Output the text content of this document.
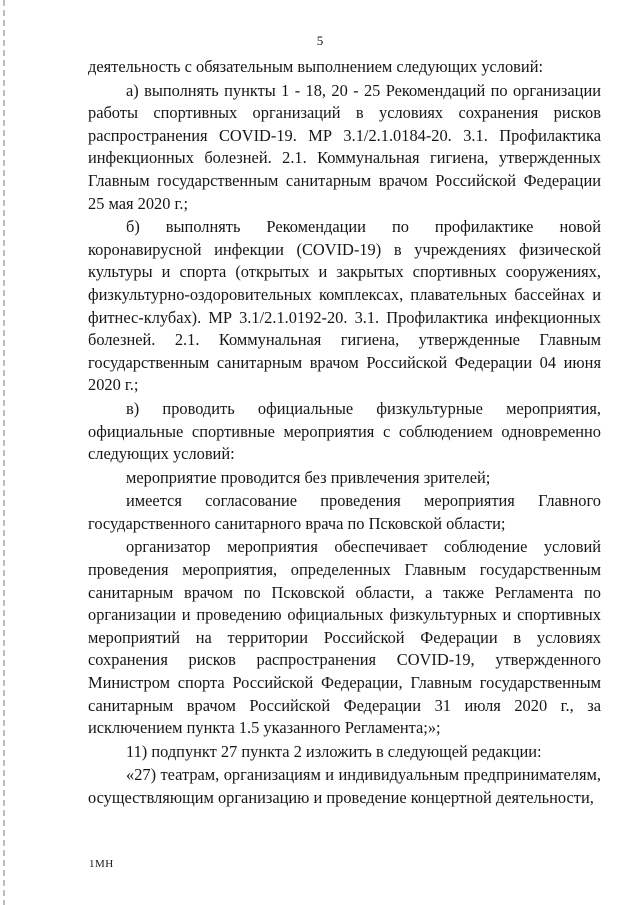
5

деятельность с обязательным выполнением следующих условий:

а) выполнять пункты 1 - 18, 20 - 25 Рекомендаций по организации работы спортивных организаций в условиях сохранения рисков распространения COVID-19. МР 3.1/2.1.0184-20. 3.1. Профилактика инфекционных болезней. 2.1. Коммунальная гигиена, утвержденных Главным государственным санитарным врачом Российской Федерации 25 мая 2020 г.;

б) выполнять Рекомендации по профилактике новой коронавирусной инфекции (COVID-19) в учреждениях физической культуры и спорта (открытых и закрытых спортивных сооружениях, физкультурно-оздоровительных комплексах, плавательных бассейнах и фитнес-клубах). МР 3.1/2.1.0192-20. 3.1. Профилактика инфекционных болезней. 2.1. Коммунальная гигиена, утвержденные Главным государственным санитарным врачом Российской Федерации 04 июня 2020 г.;

в) проводить официальные физкультурные мероприятия, официальные спортивные мероприятия с соблюдением одновременно следующих условий:

мероприятие проводится без привлечения зрителей;

имеется согласование проведения мероприятия Главного государственного санитарного врача по Псковской области;

организатор мероприятия обеспечивает соблюдение условий проведения мероприятия, определенных Главным государственным санитарным врачом по Псковской области, а также Регламента по организации и проведению официальных физкультурных и спортивных мероприятий на территории Российской Федерации в условиях сохранения рисков распространения COVID-19, утвержденного Министром спорта Российской Федерации, Главным государственным санитарным врачом Российской Федерации 31 июля 2020 г., за исключением пункта 1.5 указанного Регламента;»;

11) подпункт 27 пункта 2 изложить в следующей редакции:

«27) театрам, организациям и индивидуальным предпринимателям, осуществляющим организацию и проведение концертной деятельности,

1MH
